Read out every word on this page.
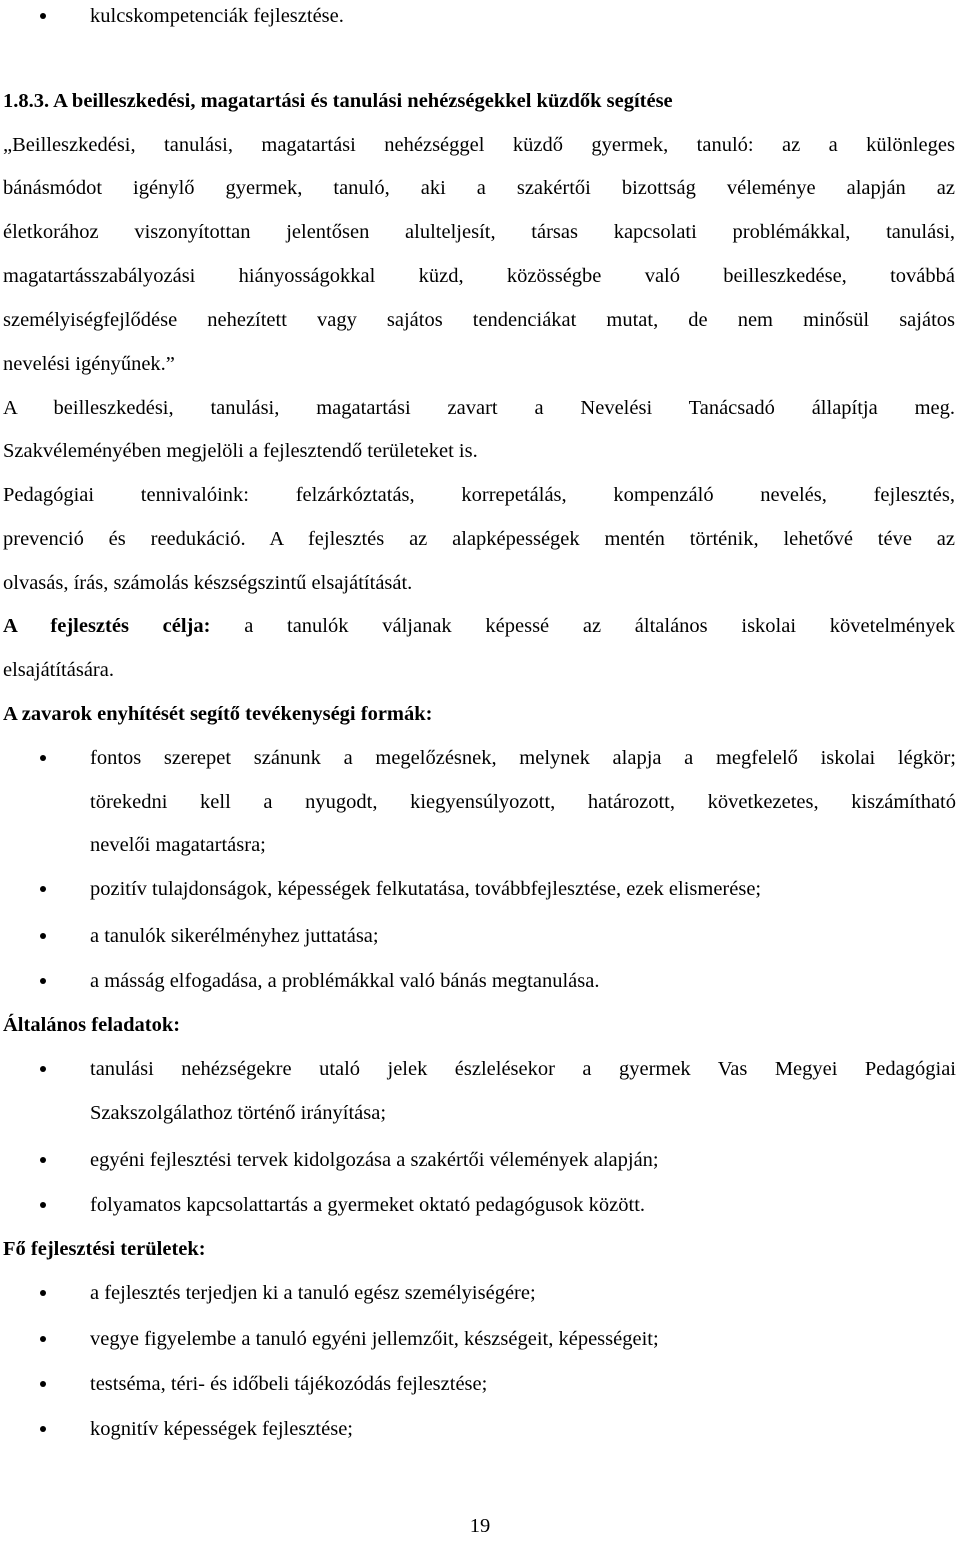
kulcskompetenciák fejlesztése.

1.8.3. A beilleszkedési, magatartási és tanulási nehézségekkel küzdők segítése

„Beilleszkedési, tanulási, magatartási nehézséggel küzdő gyermek, tanuló: az a különleges

bánásmódot igénylő gyermek, tanuló, aki a szakértői bizottság véleménye alapján az

életkorához viszonyítottan jelentősen alulteljesít, társas kapcsolati problémákkal, tanulási,

magatartásszabályozási hiányosságokkal küzd, közösségbe való beilleszkedése, továbbá

személyiségfejlődése nehezített vagy sajátos tendenciákat mutat, de nem minősül sajátos

nevelési igényűnek.”

A beilleszkedési, tanulási, magatartási zavart a Nevelési Tanácsadó állapítja meg.

Szakvéleményében megjelöli a fejlesztendő területeket is.

Pedagógiai tennivalóink: felzárkóztatás, korrepetálás, kompenzáló nevelés, fejlesztés,

prevenció és reedukáció. A fejlesztés az alapképességek mentén történik, lehetővé téve az

olvasás, írás, számolás készségszintű elsajátítását.

A fejlesztés célja: a tanulók váljanak képessé az általános iskolai követelmények

elsajátítására.

A zavarok enyhítését segítő tevékenységi formák:

fontos szerepet szánunk a megelőzésnek, melynek alapja a megfelelő iskolai légkör;

törekedni kell a nyugodt, kiegyensúlyozott, határozott, következetes, kiszámítható

nevelői magatartásra;

pozitív tulajdonságok, képességek felkutatása, továbbfejlesztése, ezek elismerése;

a tanulók sikerélményhez juttatása;

a másság elfogadása, a problémákkal való bánás megtanulása.

Általános feladatok:

tanulási nehézségekre utaló jelek észlelésekor a gyermek Vas Megyei Pedagógiai

Szakszolgálathoz történő irányítása;

egyéni fejlesztési tervek kidolgozása a szakértői vélemények alapján;

folyamatos kapcsolattartás a gyermeket oktató pedagógusok között.

Fő fejlesztési területek:

a fejlesztés terjedjen ki a tanuló egész személyiségére;

vegye figyelembe a tanuló egyéni jellemzőit, készségeit, képességeit;

testséma, téri- és időbeli tájékozódás fejlesztése;

kognitív képességek fejlesztése;

19
